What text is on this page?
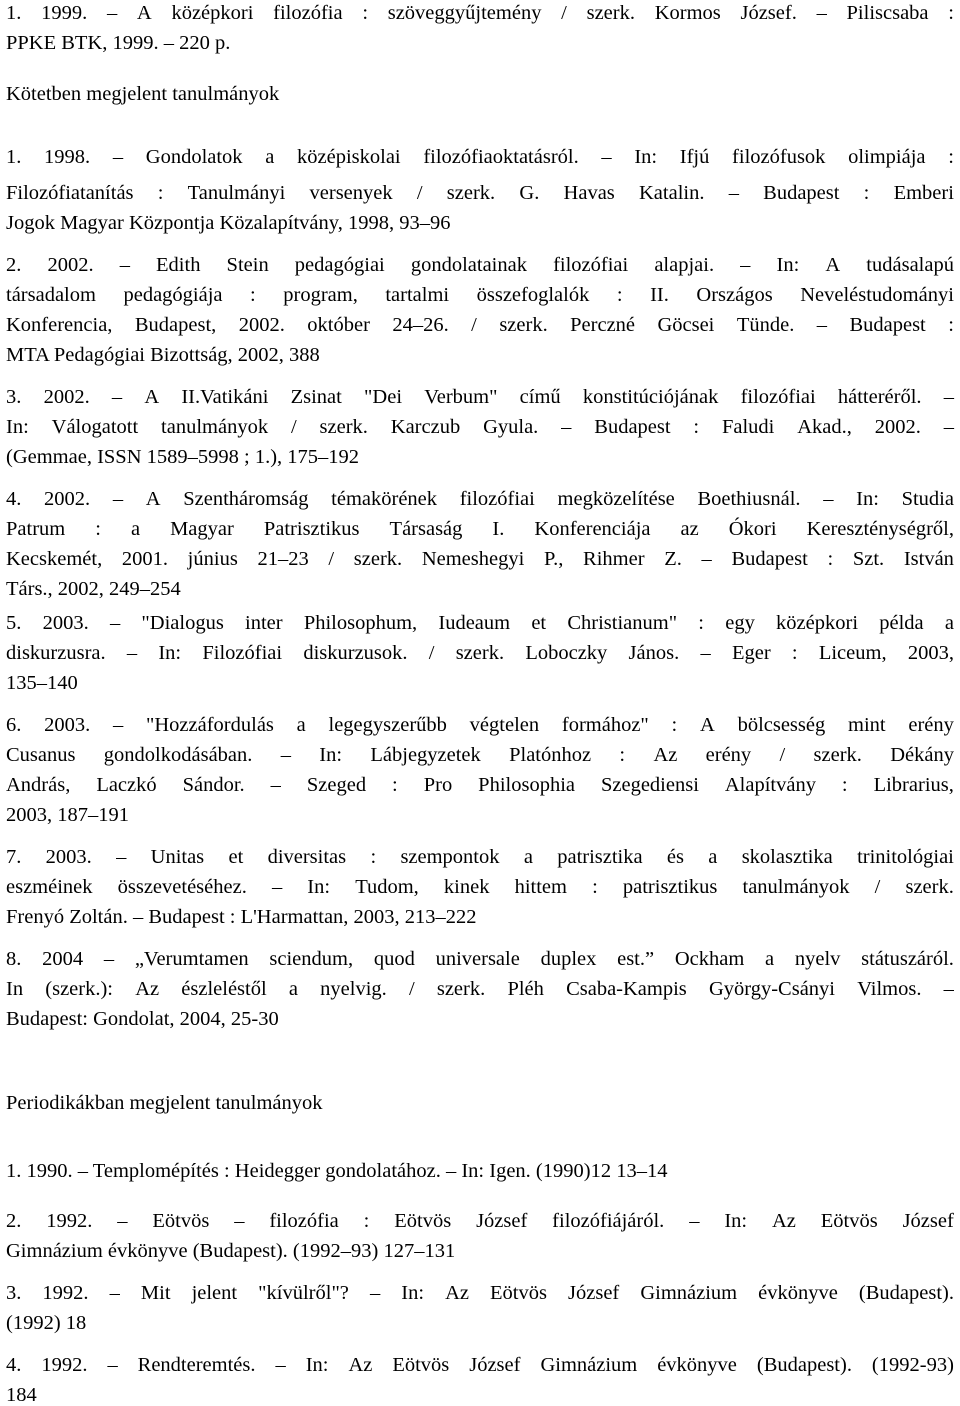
1. 1999. – A középkori filozófia : szöveggyűjtemény / szerk. Kormos József. – Piliscsaba :
PPKE BTK, 1999. – 220 p.
Kötetben megjelent tanulmányok
1. 1998. – Gondolatok a középiskolai filozófiaoktatásról. – In: Ifjú filozófusok olimpiája :
Filozófiatanítás : Tanulmányi versenyek / szerk. G. Havas Katalin. – Budapest : Emberi
Jogok Magyar Központja Közalapítvány, 1998, 93–96
2. 2002. – Edith Stein pedagógiai gondolatainak filozófiai alapjai. – In: A tudásalapú
társadalom pedagógiája : program, tartalmi összefoglalók : II. Országos Neveléstudományi
Konferencia, Budapest, 2002. október 24–26. / szerk. Perczné Göcsei Tünde. – Budapest :
MTA Pedagógiai Bizottság, 2002, 388
3. 2002. – A II.Vatikáni Zsinat "Dei Verbum" című konstitúciójának filozófiai hátteréről. –
In: Válogatott tanulmányok / szerk. Karczub Gyula. – Budapest : Faludi Akad., 2002. –
(Gemmae, ISSN 1589–5998 ; 1.), 175–192
4. 2002. – A Szentháromság témakörének filozófiai megközelítése Boethiusnál. – In: Studia
Patrum : a Magyar Patrisztikus Társaság I. Konferenciája az Ókori Kereszténységről,
Kecskemét, 2001. június 21–23 / szerk. Nemeshegyi P., Rihmer Z. – Budapest : Szt. István
Társ., 2002, 249–254
5. 2003. – "Dialogus inter Philosophum, Iudeaum et Christianum" : egy középkori példa a
diskurzusra. – In: Filozófiai diskurzusok. / szerk. Loboczky János. – Eger : Liceum, 2003,
135–140
6. 2003. – "Hozzáfordulás a legegyszerűbb végtelen formához" : A bölcsesség mint erény
Cusanus gondolkodásában. – In: Lábjegyzetek Platónhoz : Az erény / szerk. Dékány
András, Laczkó Sándor. – Szeged : Pro Philosophia Szegediensi Alapítvány : Librarius,
2003, 187–191
7. 2003. – Unitas et diversitas : szempontok a patrisztika és a skolasztika trinitológiai
eszméinek összevetéséhez. – In: Tudom, kinek hittem : patrisztikus tanulmányok / szerk.
Frenyó Zoltán. – Budapest : L'Harmattan, 2003, 213–222
8. 2004 – „Verumtamen sciendum, quod universale duplex est.” Ockham a nyelv státuszáról.
In (szerk.): Az észleléstől a nyelvig. / szerk. Pléh Csaba-Kampis György-Csányi Vilmos. –
Budapest: Gondolat, 2004, 25-30
Periodikákban megjelent tanulmányok
1. 1990. – Templomépítés : Heidegger gondolatához. – In: Igen. (1990)12 13–14
2. 1992. – Eötvös – filozófia : Eötvös József filozófiájáról. – In: Az Eötvös József
Gimnázium évkönyve (Budapest). (1992–93) 127–131
3. 1992. – Mit jelent "kívülről"? – In: Az Eötvös József Gimnázium évkönyve (Budapest).
(1992) 18
4. 1992. – Rendteremtés. – In: Az Eötvös József Gimnázium évkönyve (Budapest). (1992-93)
184
